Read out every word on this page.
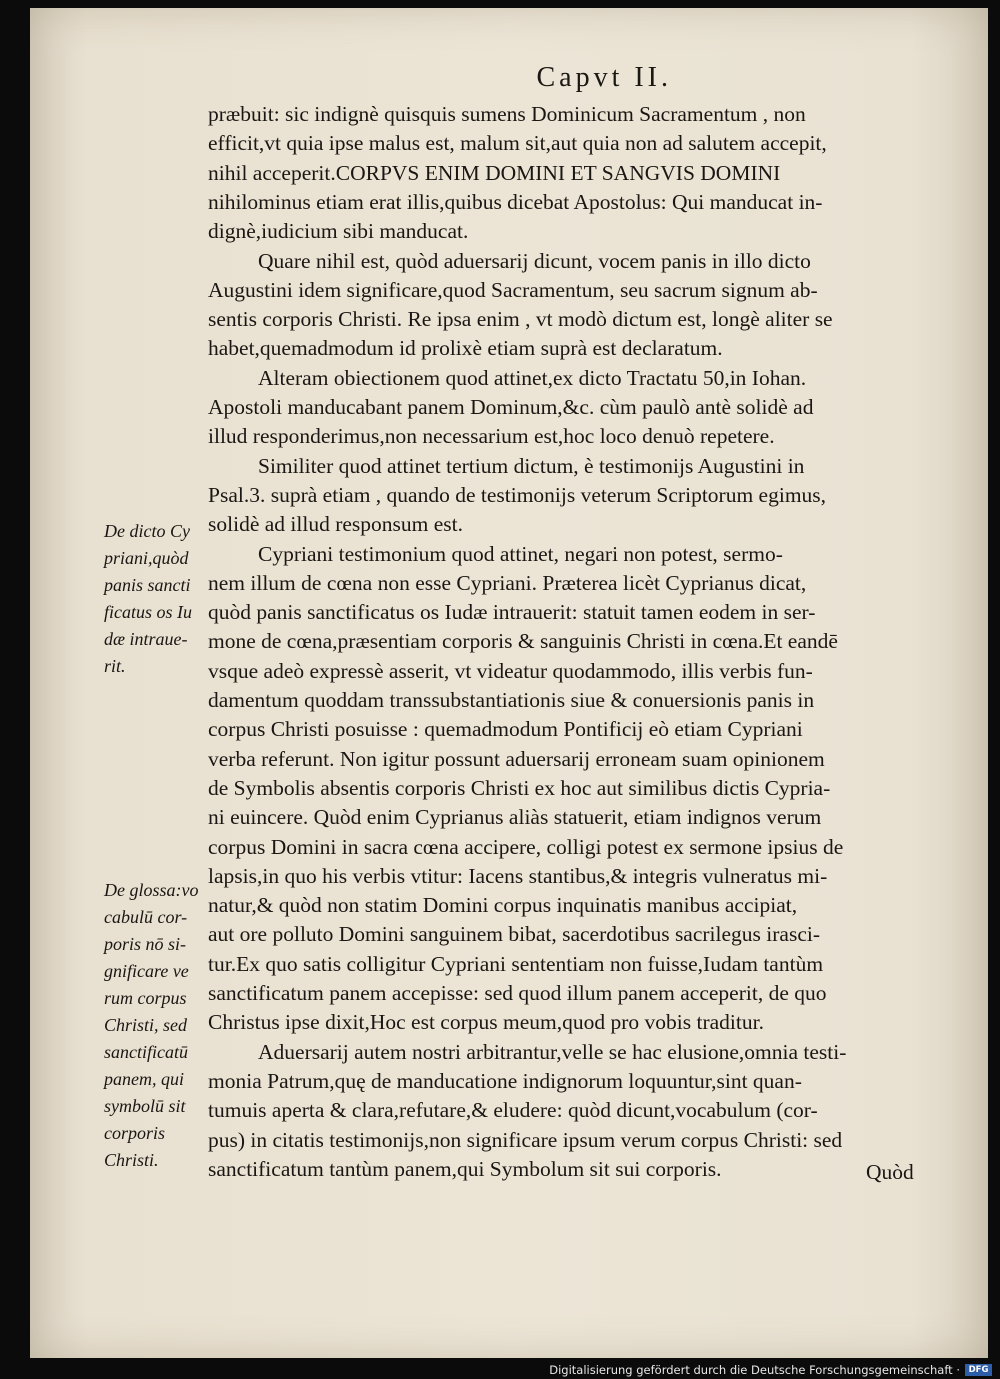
Capvt II.
præbuit: sic indignè quisquis sumens Dominicum Sacramentum , non
efficit,vt quia ipse malus est, malum sit,aut quia non ad salutem accepit,
nihil acceperit.CORPVS ENIM DOMINI ET SANGVIS DOMINI
nihilominus etiam erat illis,quibus dicebat Apostolus: Qui manducat in-
dignè,iudicium sibi manducat.
Quare nihil est, quòd aduersarij dicunt, vocem panis in illo dicto
Augustini idem significare,quod Sacramentum, seu sacrum signum ab-
sentis corporis Christi. Re ipsa enim , vt modò dictum est, longè aliter se
habet,quemadmodum id prolixè etiam suprà est declaratum.
Alteram obiectionem quod attinet,ex dicto Tractatu 50,in Iohan.
Apostoli manducabant panem Dominum,&c. cùm paulò antè solidè ad
illud responderimus,non necessarium est,hoc loco denuò repetere.
Similiter quod attinet tertium dictum, è testimonijs Augustini in
Psal.3. suprà etiam , quando de testimonijs veterum Scriptorum egimus,
solidè ad illud responsum est.
Cypriani testimonium quod attinet, negari non potest, sermo-
nem illum de cœna non esse Cypriani. Præterea licèt Cyprianus dicat,
quòd panis sanctificatus os Iudæ intrauerit: statuit tamen eodem in ser-
mone de cœna,præsentiam corporis & sanguinis Christi in cœna.Et eandē
vsque adeò expressè asserit, vt videatur quodammodo, illis verbis fun-
damentum quoddam transsubstantiationis siue & conuersionis panis in
corpus Christi posuisse : quemadmodum Pontificij eò etiam Cypriani
verba referunt. Non igitur possunt aduersarij erroneam suam opinionem
de Symbolis absentis corporis Christi ex hoc aut similibus dictis Cypria-
ni euincere. Quòd enim Cyprianus aliàs statuerit, etiam indignos verum
corpus Domini in sacra cœna accipere, colligi potest ex sermone ipsius de
lapsis,in quo his verbis vtitur: Iacens stantibus,& integris vulneratus mi-
natur,& quòd non statim Domini corpus inquinatis manibus accipiat,
aut ore polluto Domini sanguinem bibat, sacerdotibus sacrilegus irasci-
tur.Ex quo satis colligitur Cypriani sententiam non fuisse,Iudam tantùm
sanctificatum panem accepisse: sed quod illum panem acceperit, de quo
Christus ipse dixit,Hoc est corpus meum,quod pro vobis traditur.
Aduersarij autem nostri arbitrantur,velle se hac elusione,omnia testi-
monia Patrum,quę de manducatione indignorum loquuntur,sint quan-
tumuis aperta & clara,refutare,& eludere: quòd dicunt,vocabulum (cor-
pus) in citatis testimonijs,non significare ipsum verum corpus Christi: sed
sanctificatum tantùm panem,qui Symbolum sit sui corporis.
De dicto Cy
priani,quòd
panis sancti
ficatus os Iu
dæ intraue-
rit.
De glossa:vo
cabulū cor-
poris nō si-
gnificare ve
rum corpus
Christi, sed
sanctificatū
panem, qui
symbolū sit
corporis
Christi.	Quòd
Digitalisierung gefördert durch die Deutsche Forschungsgemeinschaft ·	DFG
